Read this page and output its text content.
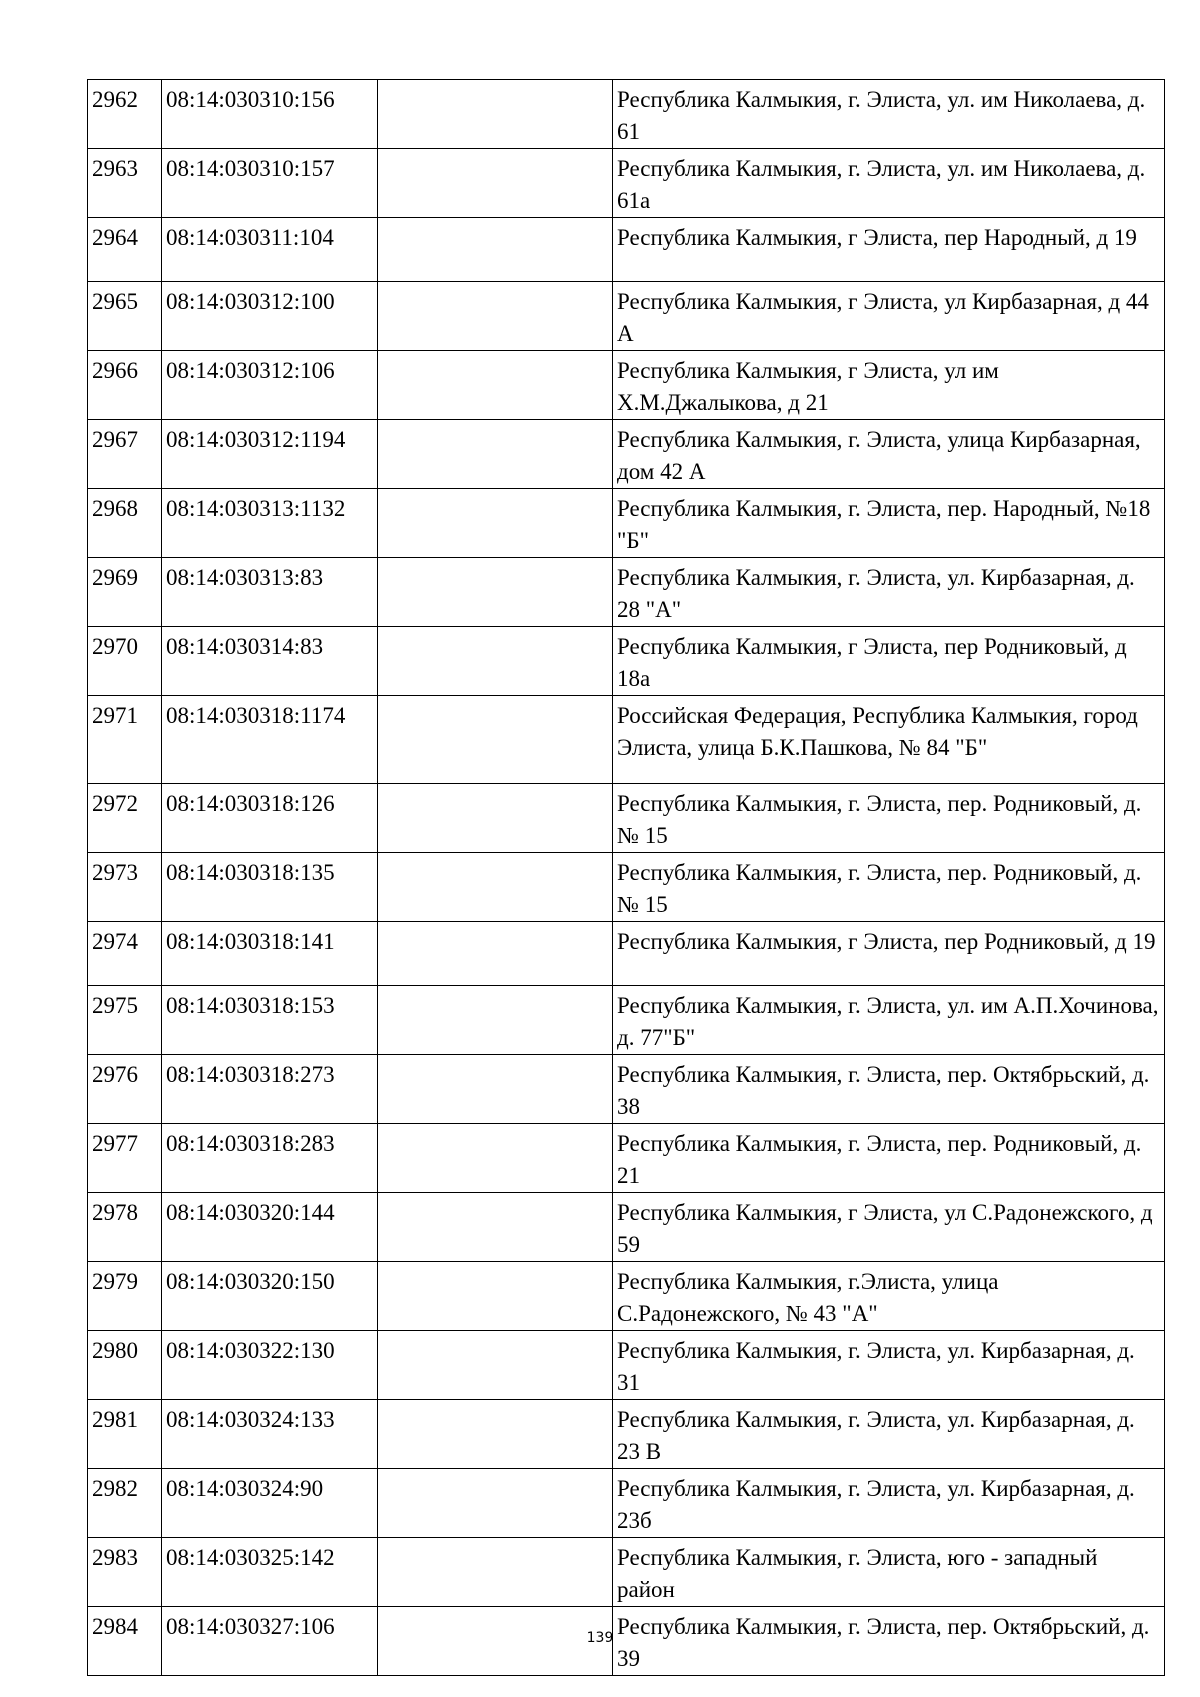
2962	08:14:030310:156		Республика Калмыкия, г. Элиста, ул. им Николаева, д. 61
2963	08:14:030310:157		Республика Калмыкия, г. Элиста, ул. им Николаева, д. 61а
2964	08:14:030311:104		Республика Калмыкия, г Элиста, пер Народный, д 19
2965	08:14:030312:100		Республика Калмыкия, г Элиста, ул Кирбазарная, д 44 А
2966	08:14:030312:106		Республика Калмыкия, г Элиста, ул им Х.М.Джалыкова, д 21
2967	08:14:030312:1194		Республика Калмыкия, г. Элиста, улица Кирбазарная, дом 42 А
2968	08:14:030313:1132		Республика Калмыкия, г. Элиста, пер. Народный, №18 "Б"
2969	08:14:030313:83		Республика Калмыкия, г. Элиста, ул. Кирбазарная, д. 28 "А"
2970	08:14:030314:83		Республика Калмыкия, г Элиста, пер Родниковый, д 18а
2971	08:14:030318:1174		Российская Федерация, Республика Калмыкия, город Элиста, улица Б.К.Пашкова, № 84 "Б"
2972	08:14:030318:126		Республика Калмыкия, г. Элиста, пер. Родниковый, д. № 15
2973	08:14:030318:135		Республика Калмыкия, г. Элиста, пер. Родниковый, д. № 15
2974	08:14:030318:141		Республика Калмыкия, г Элиста, пер Родниковый, д 19
2975	08:14:030318:153		Республика Калмыкия, г. Элиста, ул. им А.П.Хочинова, д. 77"Б"
2976	08:14:030318:273		Республика Калмыкия, г. Элиста, пер. Октябрьский, д. 38
2977	08:14:030318:283		Республика Калмыкия, г. Элиста, пер. Родниковый, д. 21
2978	08:14:030320:144		Республика Калмыкия, г Элиста, ул С.Радонежского, д 59
2979	08:14:030320:150		Республика Калмыкия, г.Элиста, улица С.Радонежского, № 43 "А"
2980	08:14:030322:130		Республика Калмыкия, г. Элиста, ул. Кирбазарная, д. 31
2981	08:14:030324:133		Республика Калмыкия, г. Элиста, ул. Кирбазарная, д. 23 В
2982	08:14:030324:90		Республика Калмыкия, г. Элиста, ул. Кирбазарная, д. 23б
2983	08:14:030325:142		Республика Калмыкия, г. Элиста, юго - западный район
2984	08:14:030327:106		Республика Калмыкия, г. Элиста, пер. Октябрьский, д. 39
139
